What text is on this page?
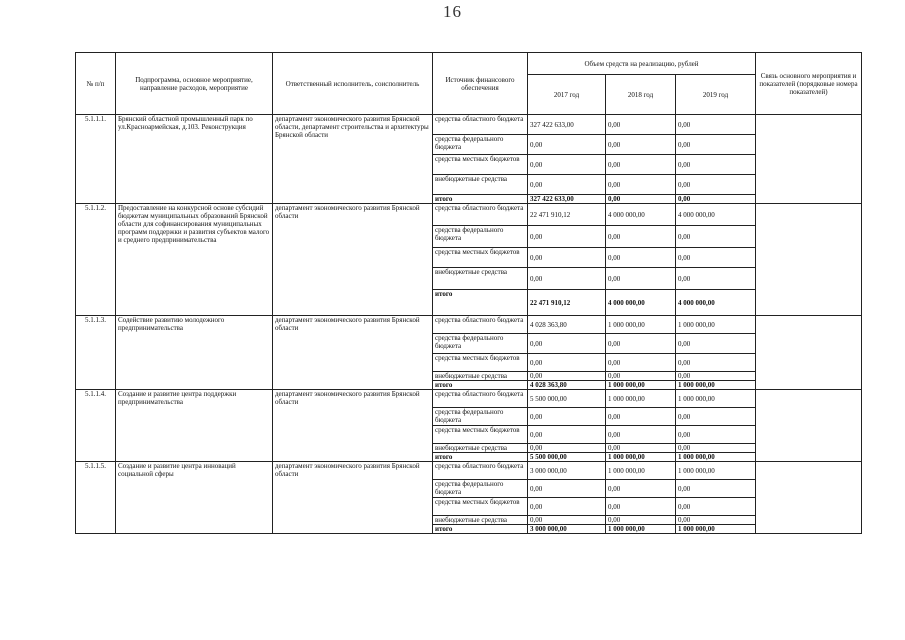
16
№ п/п	Подпрограмма, основное мероприятие, направление расходов, мероприятие	Ответственный исполнитель, соисполнитель	Источник финансового обеспечения	Объем средств на реализацию, рублей			Связь основного мероприятия и показателей (порядковые номера показателей)
				2017 год	2018 год	2019 год	
5.1.1.1.	Брянский областной промышленный парк по ул.Красноармейская, д.103. Реконструкция	департамент экономического развития Брянской области, департамент строительства и архитектуры Брянской области	средства областного бюджета	327 422 633,00	0,00	0,00	
			средства федерального бюджета	0,00	0,00	0,00	
			средства местных бюджетов	0,00	0,00	0,00	
			внебюджетные средства	0,00	0,00	0,00	
			итого	327 422 633,00	0,00	0,00	
5.1.1.2.	Предоставление на конкурсной основе субсидий бюджетам муниципальных образований Брянской области для софинансирования муниципальных программ поддержки и развития субъектов малого и среднего предпринимательства	департамент экономического развития Брянской области	средства областного бюджета	22 471 910,12	4 000 000,00	4 000 000,00	
			средства федерального бюджета	0,00	0,00	0,00	
			средства местных бюджетов	0,00	0,00	0,00	
			внебюджетные средства	0,00	0,00	0,00	
			итого	22 471 910,12	4 000 000,00	4 000 000,00	
5.1.1.3.	Содействие развитию молодежного предпринимательства	департамент экономического развития Брянской области	средства областного бюджета	4 028 363,80	1 000 000,00	1 000 000,00	
			средства федерального бюджета	0,00	0,00	0,00	
			средства местных бюджетов	0,00	0,00	0,00	
			внебюджетные средства	0,00	0,00	0,00	
			итого	4 028 363,80	1 000 000,00	1 000 000,00	
5.1.1.4.	Создание и развитие центра поддержки предпринимательства	департамент экономического развития Брянской области	средства областного бюджета	5 500 000,00	1 000 000,00	1 000 000,00	
			средства федерального бюджета	0,00	0,00	0,00	
			средства местных бюджетов	0,00	0,00	0,00	
			внебюджетные средства	0,00	0,00	0,00	
			итого	5 500 000,00	1 000 000,00	1 000 000,00	
5.1.1.5.	Создание и развитие центра инноваций социальной сферы	департамент экономического развития Брянской области	средства областного бюджета	3 000 000,00	1 000 000,00	1 000 000,00	
			средства федерального бюджета	0,00	0,00	0,00	
			средства местных бюджетов	0,00	0,00	0,00	
			внебюджетные средства	0,00	0,00	0,00	
			итого	3 000 000,00	1 000 000,00	1 000 000,00	
